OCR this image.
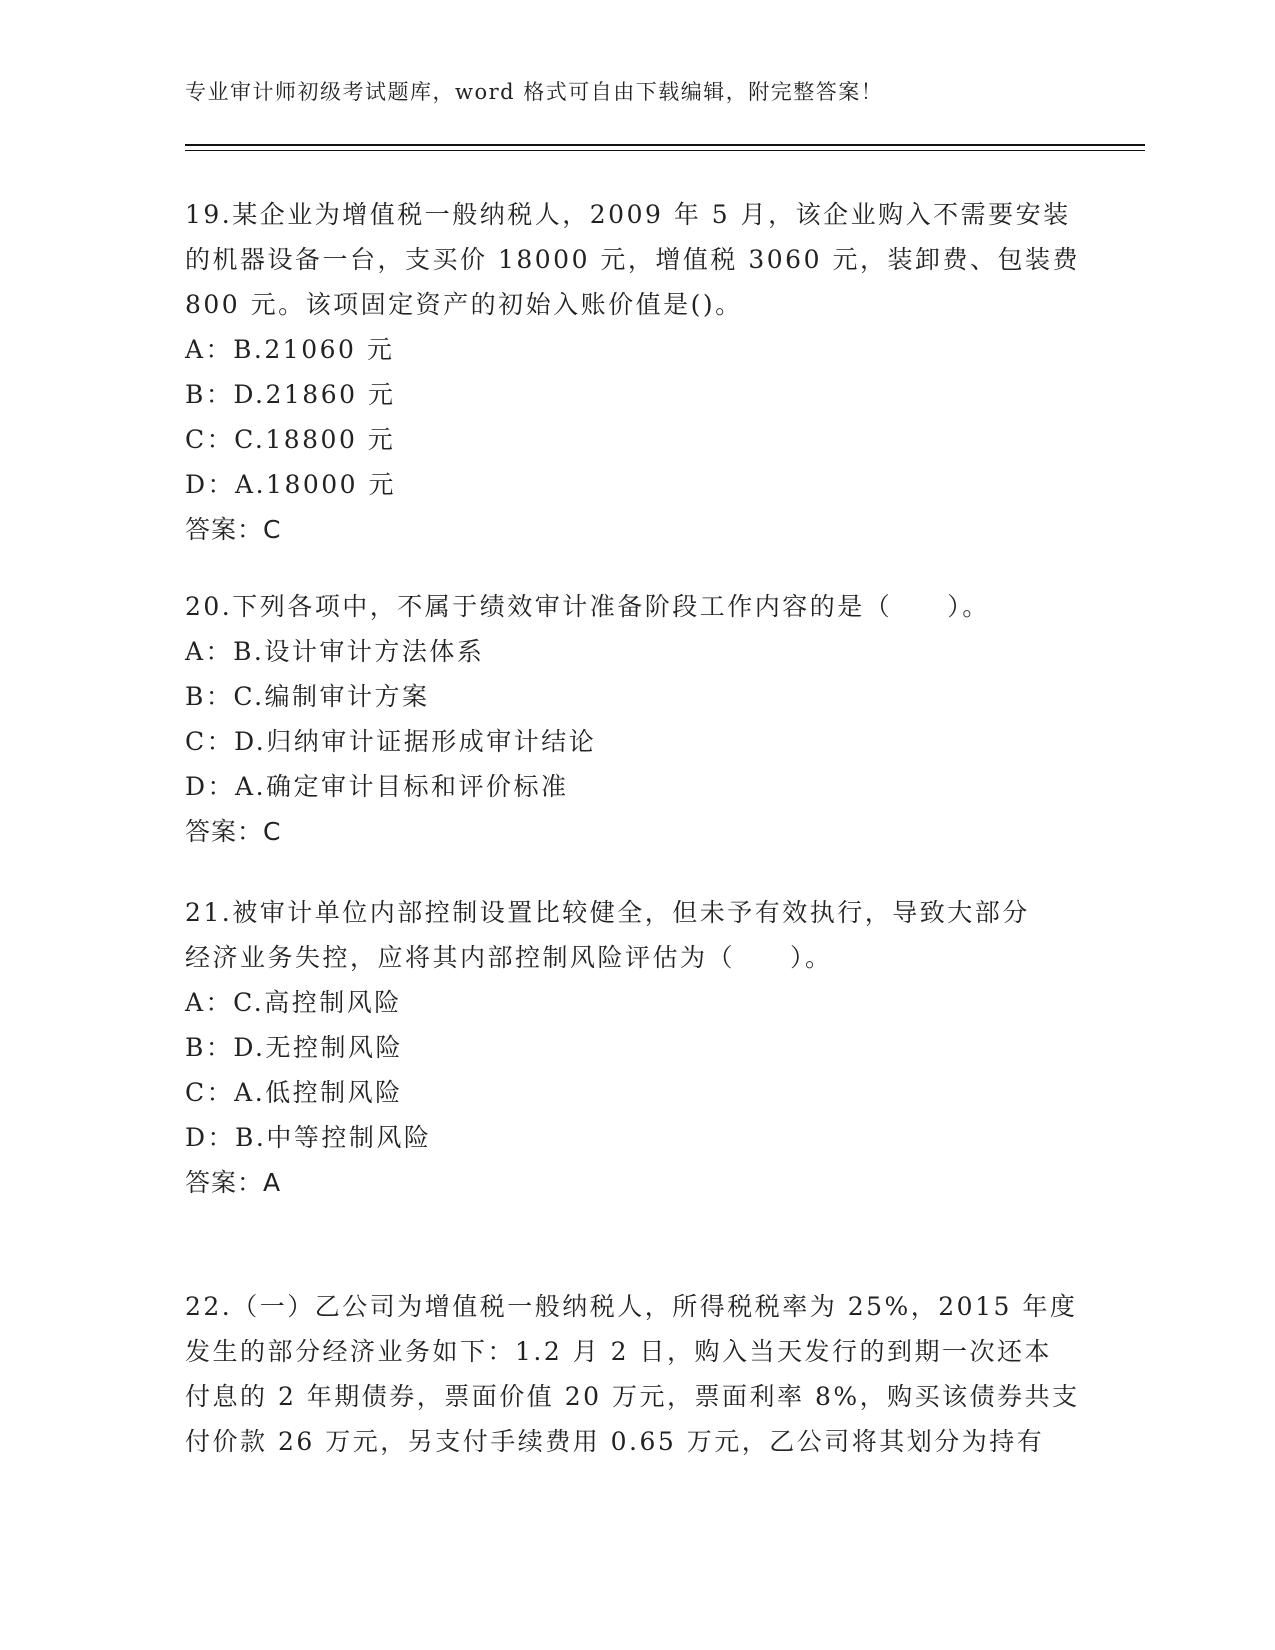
专业审计师初级考试题库，word 格式可自由下载编辑，附完整答案！
19.某企业为增值税一般纳税人，2009 年 5 月，该企业购入不需要安装
的机器设备一台，支买价 18000 元，增值税 3060 元，装卸费、包装费
800 元。该项固定资产的初始入账价值是()。
A：B.21060 元
B：D.21860 元
C：C.18800 元
D：A.18000 元
答案：C
20.下列各项中，不属于绩效审计准备阶段工作内容的是（　　）。
A：B.设计审计方法体系
B：C.编制审计方案
C：D.归纳审计证据形成审计结论
D：A.确定审计目标和评价标准
答案：C
21.被审计单位内部控制设置比较健全，但未予有效执行，导致大部分
经济业务失控，应将其内部控制风险评估为（　　）。
A：C.高控制风险
B：D.无控制风险
C：A.低控制风险
D：B.中等控制风险
答案：A
22.（一）乙公司为增值税一般纳税人，所得税税率为 25%，2015 年度
发生的部分经济业务如下：1.2 月 2 日，购入当天发行的到期一次还本
付息的 2 年期债券，票面价值 20 万元，票面利率 8%，购买该债券共支
付价款 26 万元，另支付手续费用 0.65 万元，乙公司将其划分为持有
